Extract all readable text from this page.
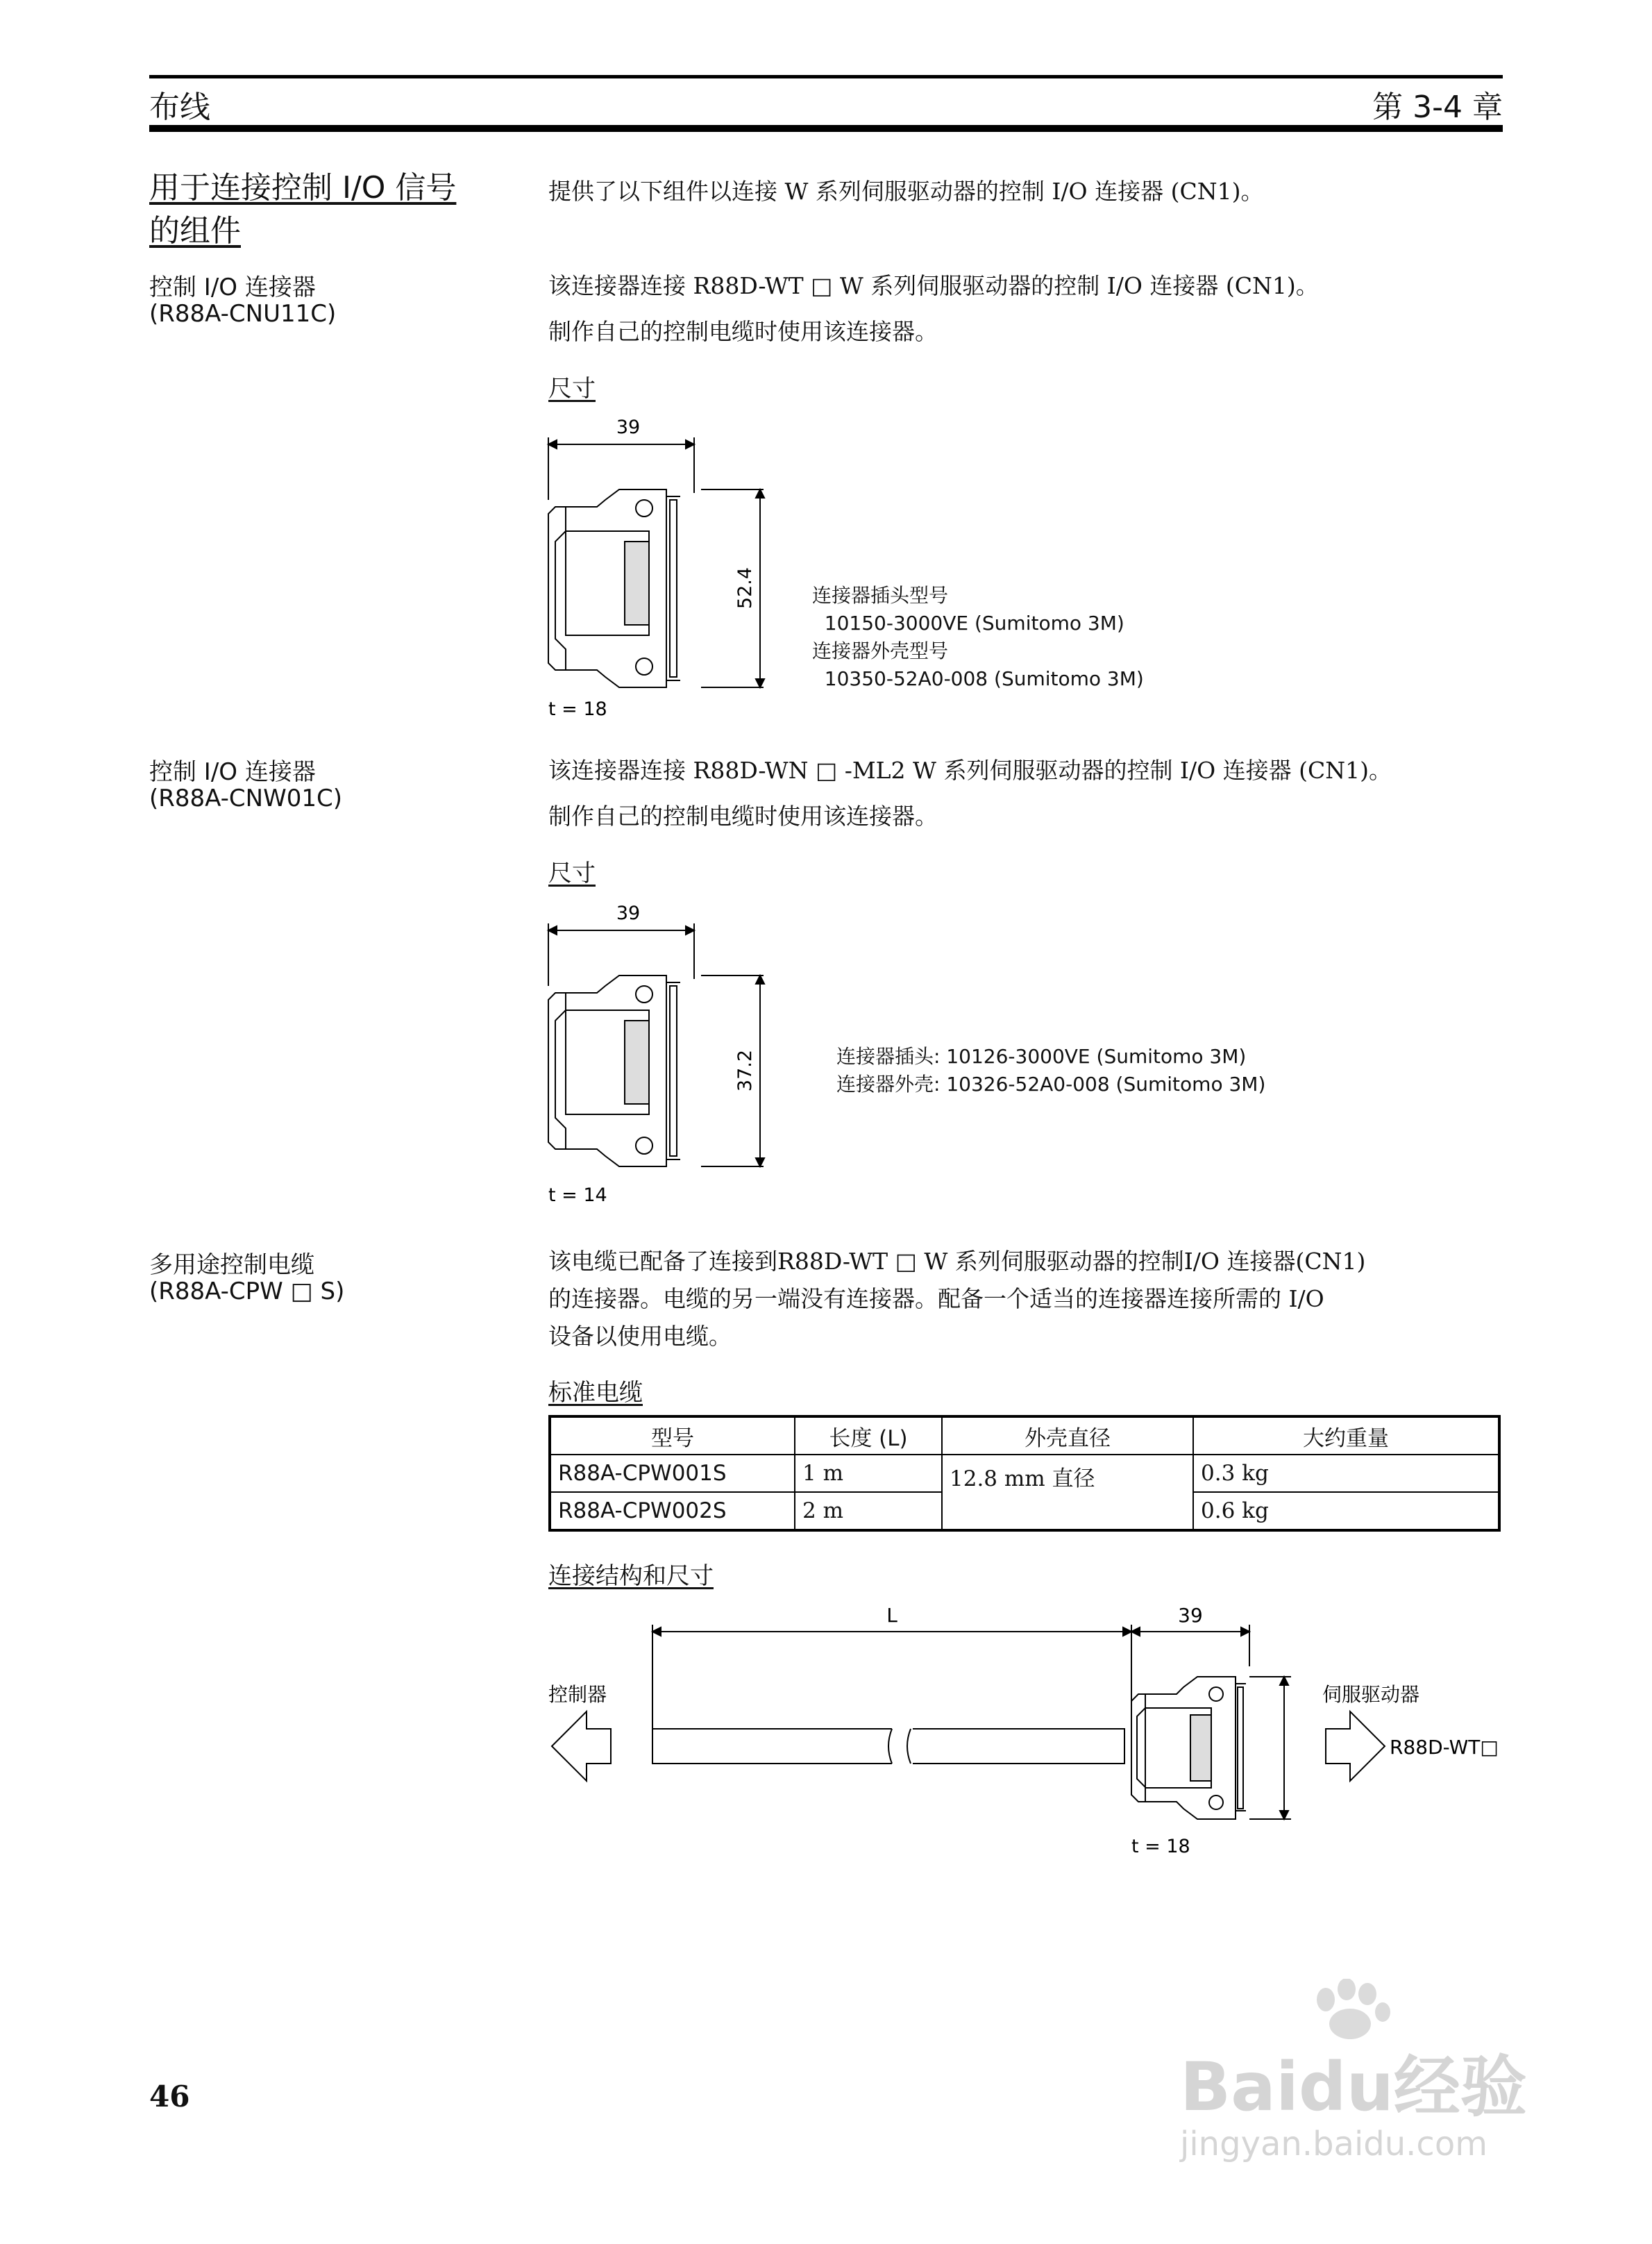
布线	第 3-4 章
用于连接控制 I/O 信号
的组件
提供了以下组件以连接 W 系列伺服驱动器的控制 I/O 连接器 (CN1)。
控制 I/O 连接器
(R88A-CNU11C)
该连接器连接 R88D-WT □ W 系列伺服驱动器的控制 I/O 连接器 (CN1)。
制作自己的控制电缆时使用该连接器。
尺寸
39
52.4
t = 18
连接器插头型号
10150-3000VE (Sumitomo 3M)
连接器外壳型号
10350-52A0-008 (Sumitomo 3M)
控制 I/O 连接器
(R88A-CNW01C)
该连接器连接 R88D-WN □ -ML2 W 系列伺服驱动器的控制 I/O 连接器 (CN1)。
制作自己的控制电缆时使用该连接器。
尺寸
39
37.2
t = 14
连接器插头: 10126-3000VE (Sumitomo 3M)
连接器外壳: 10326-52A0-008 (Sumitomo 3M)
多用途控制电缆
(R88A-CPW □ S)
该电缆已配备了连接到R88D-WT □ W 系列伺服驱动器的控制I/O 连接器(CN1)
的连接器。电缆的另一端没有连接器。配备一个适当的连接器连接所需的 I/O
设备以使用电缆。
标准电缆
型号	长度 (L)	外壳直径	大约重量
R88A-CPW001S	1 m	12.8 mm 直径	0.3 kg
R88A-CPW002S	2 m		0.6 kg
连接结构和尺寸
L	39
控制器	伺服驱动器
R88D-WT□
t = 18
46	Baidu经验
jingyan.baidu.com
